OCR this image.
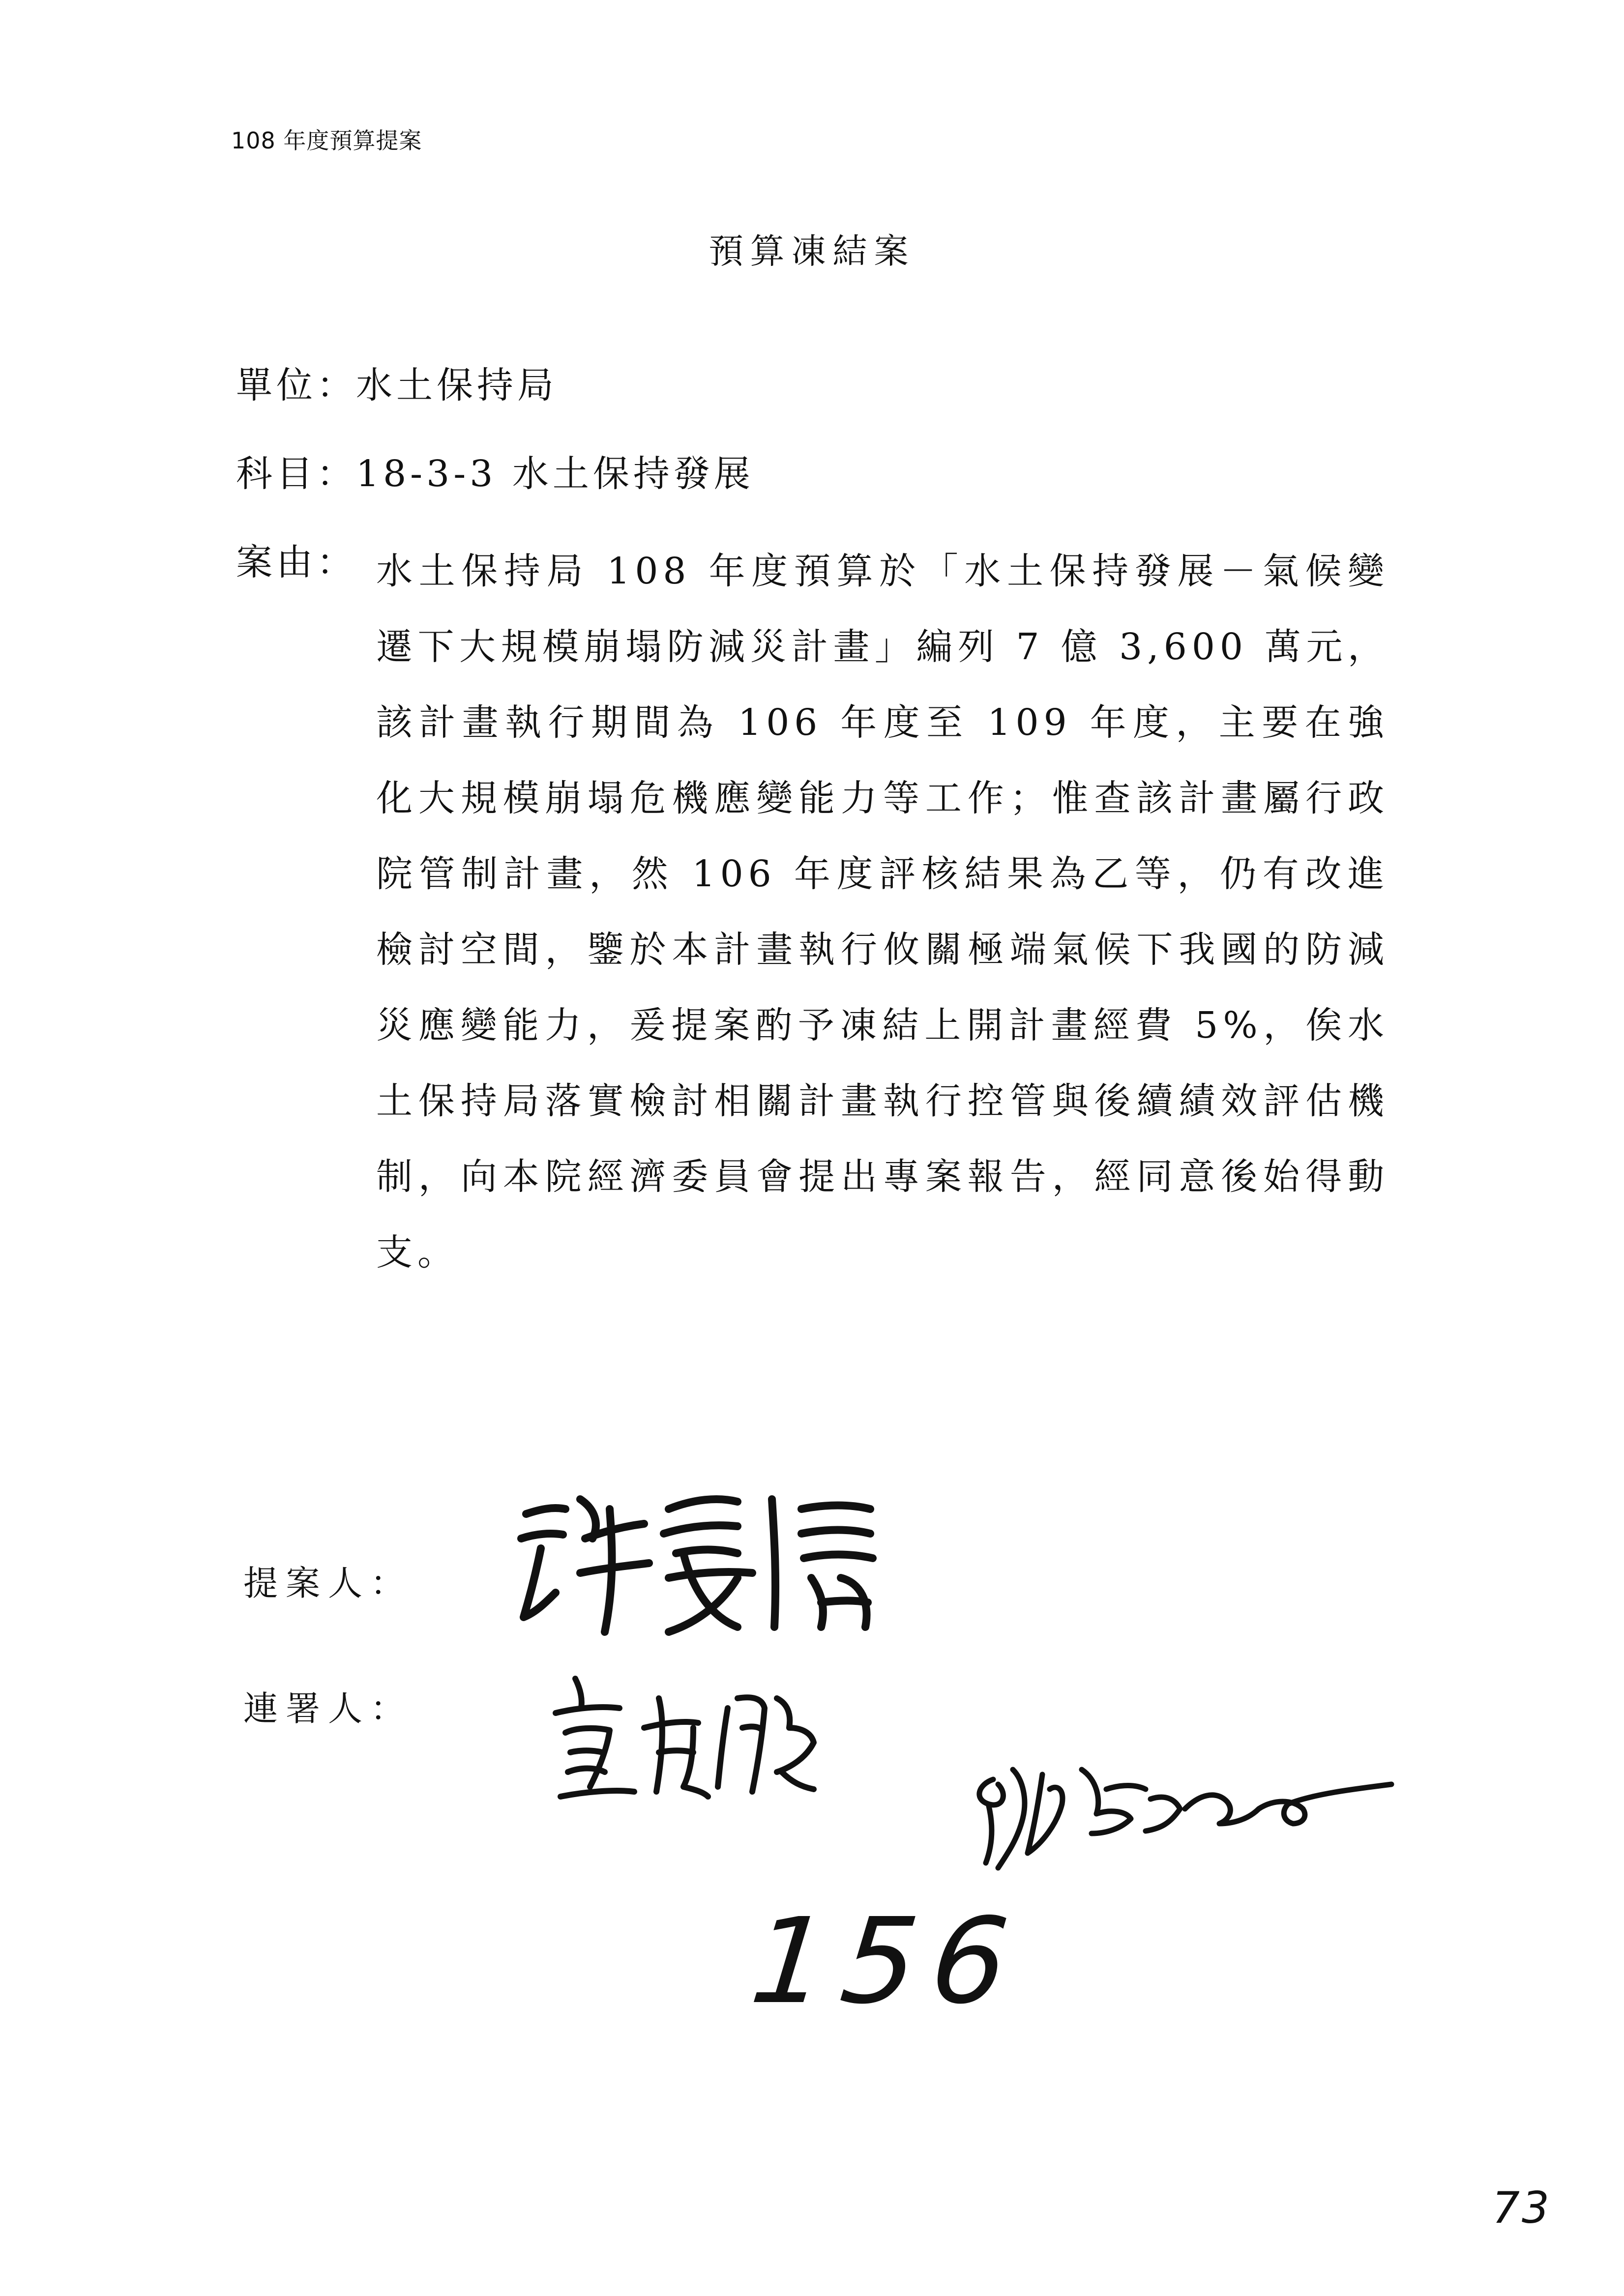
108 年度預算提案
預算凍結案
單位：水土保持局
科目：18-3-3 水土保持發展
案由： 水土保持局 108 年度預算於「水土保持發展－氣候變遷下大規模崩塌防減災計畫」編列 7 億 3,600 萬元，該計畫執行期間為 106 年度至 109 年度，主要在強化大規模崩塌危機應變能力等工作；惟查該計畫屬行政院管制計畫，然 106 年度評核結果為乙等，仍有改進檢討空間，鑒於本計畫執行攸關極端氣候下我國的防減災應變能力，爰提案酌予凍結上開計畫經費 5%，俟水土保持局落實檢討相關計畫執行控管與後續績效評估機制，向本院經濟委員會提出專案報告，經同意後始得動支。
提案人：
連署人：
156
73
